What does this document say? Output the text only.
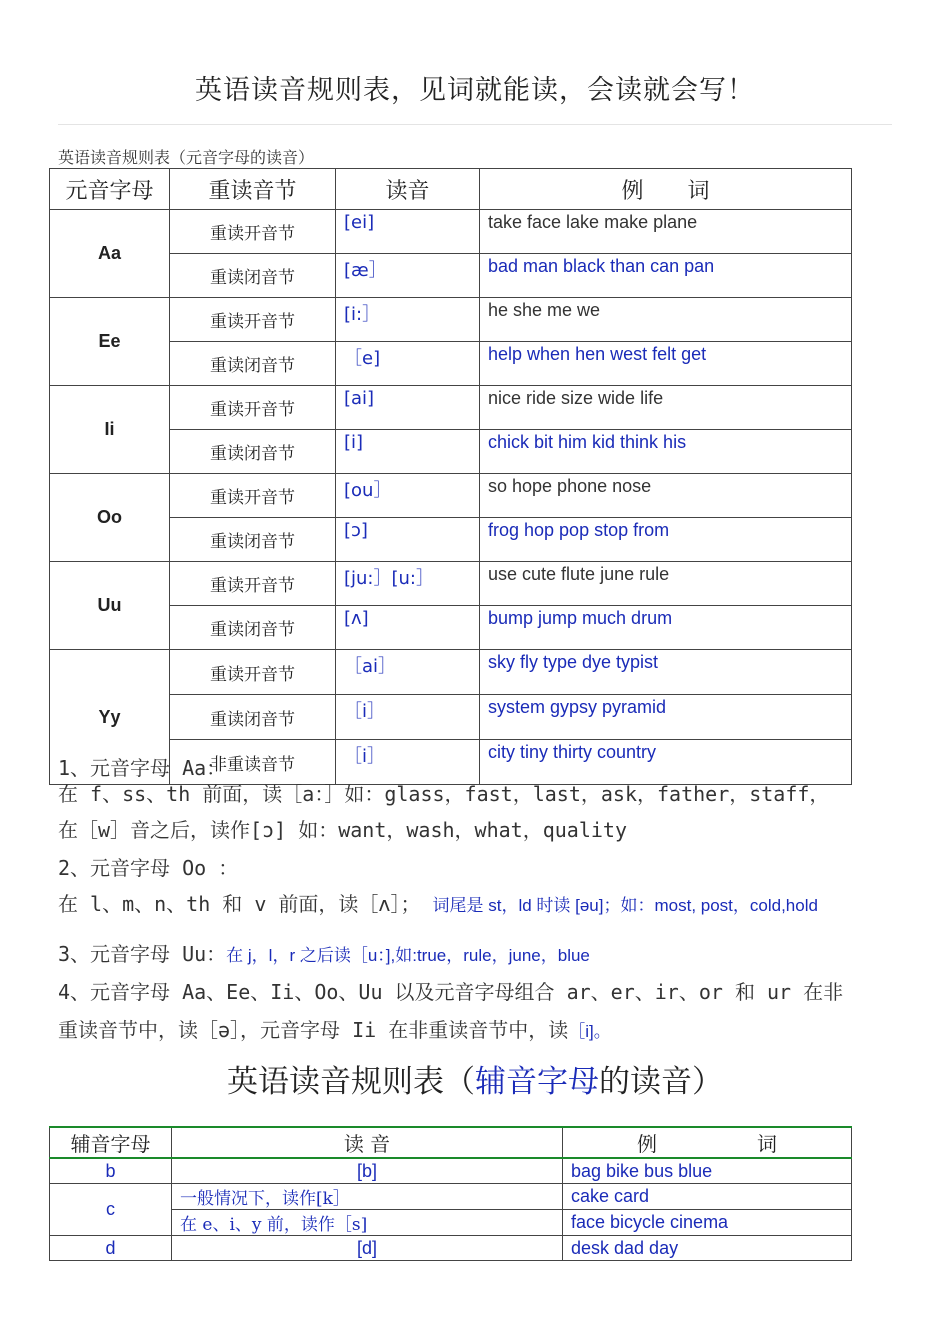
英语读音规则表，见词就能读，会读就会写！
英语读音规则表（元音字母的读音）
元音字母	重读音节	读音	例　　词
Aa	重读开音节	[ei]	take face lake make plane
	重读闭音节	[æ］	bad man black than can pan
Ee	重读开音节	[i:］	he she me we
	重读闭音节	［e]	help when hen west felt get
Ii	重读开音节	[ai]	nice ride size wide life
	重读闭音节	[i]	chick bit him kid think his
Oo	重读开音节	[ou］	so hope phone nose
	重读闭音节	[ɔ]	frog hop pop stop from
Uu	重读开音节	[ju:］[u:］	use cute flute june rule
	重读闭音节	[ʌ]	bump jump much drum
Yy	重读开音节	［ai］	sky fly type dye typist
	重读闭音节	［i］	system gypsy pyramid
	非重读音节	［i］	city tiny thirty country

1、元音字母 Aa：

在 f、ss、th 前面，读［a：］如：glass，fast，last，ask，father，staff，

在［w］音之后，读作[ɔ] 如：want，wash，what，quality

2、元音字母 Oo ：

在 l、m、n、th 和 v 前面，读［ʌ］； 词尾是 st，ld 时读 [əu]；如：most, post，cold,hold

3、元音字母 Uu：在 j，l，r 之后读［u：],如:true，rule，june，blue

4、元音字母 Aa、Ee、Ii、Oo、Uu 以及元音字母组合 ar、er、ir、or 和 ur 在非

重读音节中，读［ə］，元音字母 Ii 在非重读音节中，读［i]。

英语读音规则表（辅音字母的读音）
辅音字母	读 音	例　　　　　词
b	[b]	bag bike bus blue
c	一般情况下，读作[k］	cake card
	在 e、i、y 前，读作［s]	face bicycle cinema
d	[d]	desk dad day
